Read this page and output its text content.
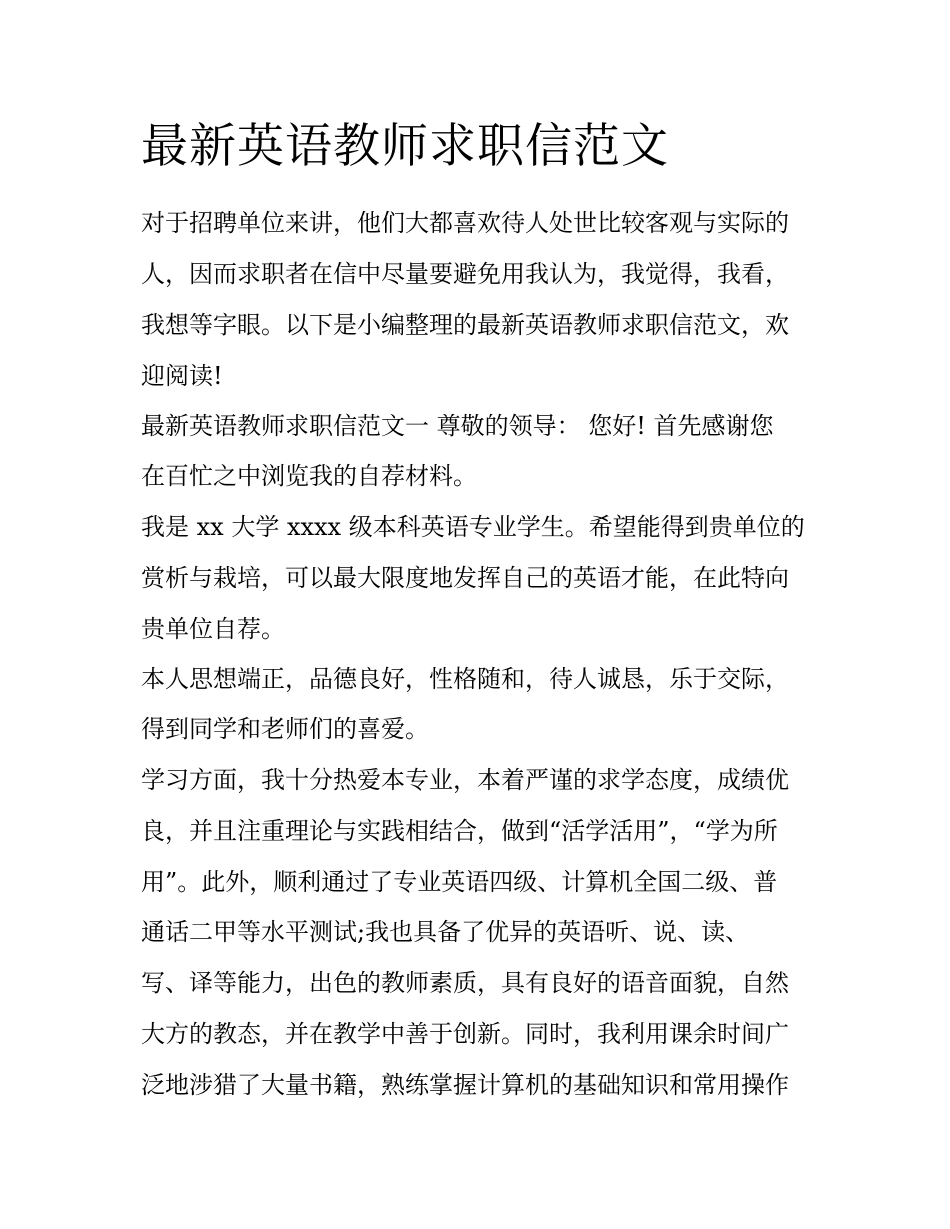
最新英语教师求职信范文

对于招聘单位来讲，他们大都喜欢待人处世比较客观与实际的

人，因而求职者在信中尽量要避免用我认为，我觉得，我看，

我想等字眼。以下是小编整理的最新英语教师求职信范文，欢

迎阅读!

最新英语教师求职信范文一 尊敬的领导： 您好! 首先感谢您

在百忙之中浏览我的自荐材料。

我是 xx 大学 xxxx 级本科英语专业学生。希望能得到贵单位的

赏析与栽培，可以最大限度地发挥自己的英语才能，在此特向

贵单位自荐。

本人思想端正，品德良好，性格随和，待人诚恳，乐于交际，

得到同学和老师们的喜爱。

学习方面，我十分热爱本专业，本着严谨的求学态度，成绩优

良，并且注重理论与实践相结合，做到“活学活用”，“学为所

用”。此外，顺利通过了专业英语四级、计算机全国二级、普

通话二甲等水平测试;我也具备了优异的英语听、说、读、

写、译等能力，出色的教师素质，具有良好的语音面貌，自然

大方的教态，并在教学中善于创新。同时，我利用课余时间广

泛地涉猎了大量书籍，熟练掌握计算机的基础知识和常用操作
